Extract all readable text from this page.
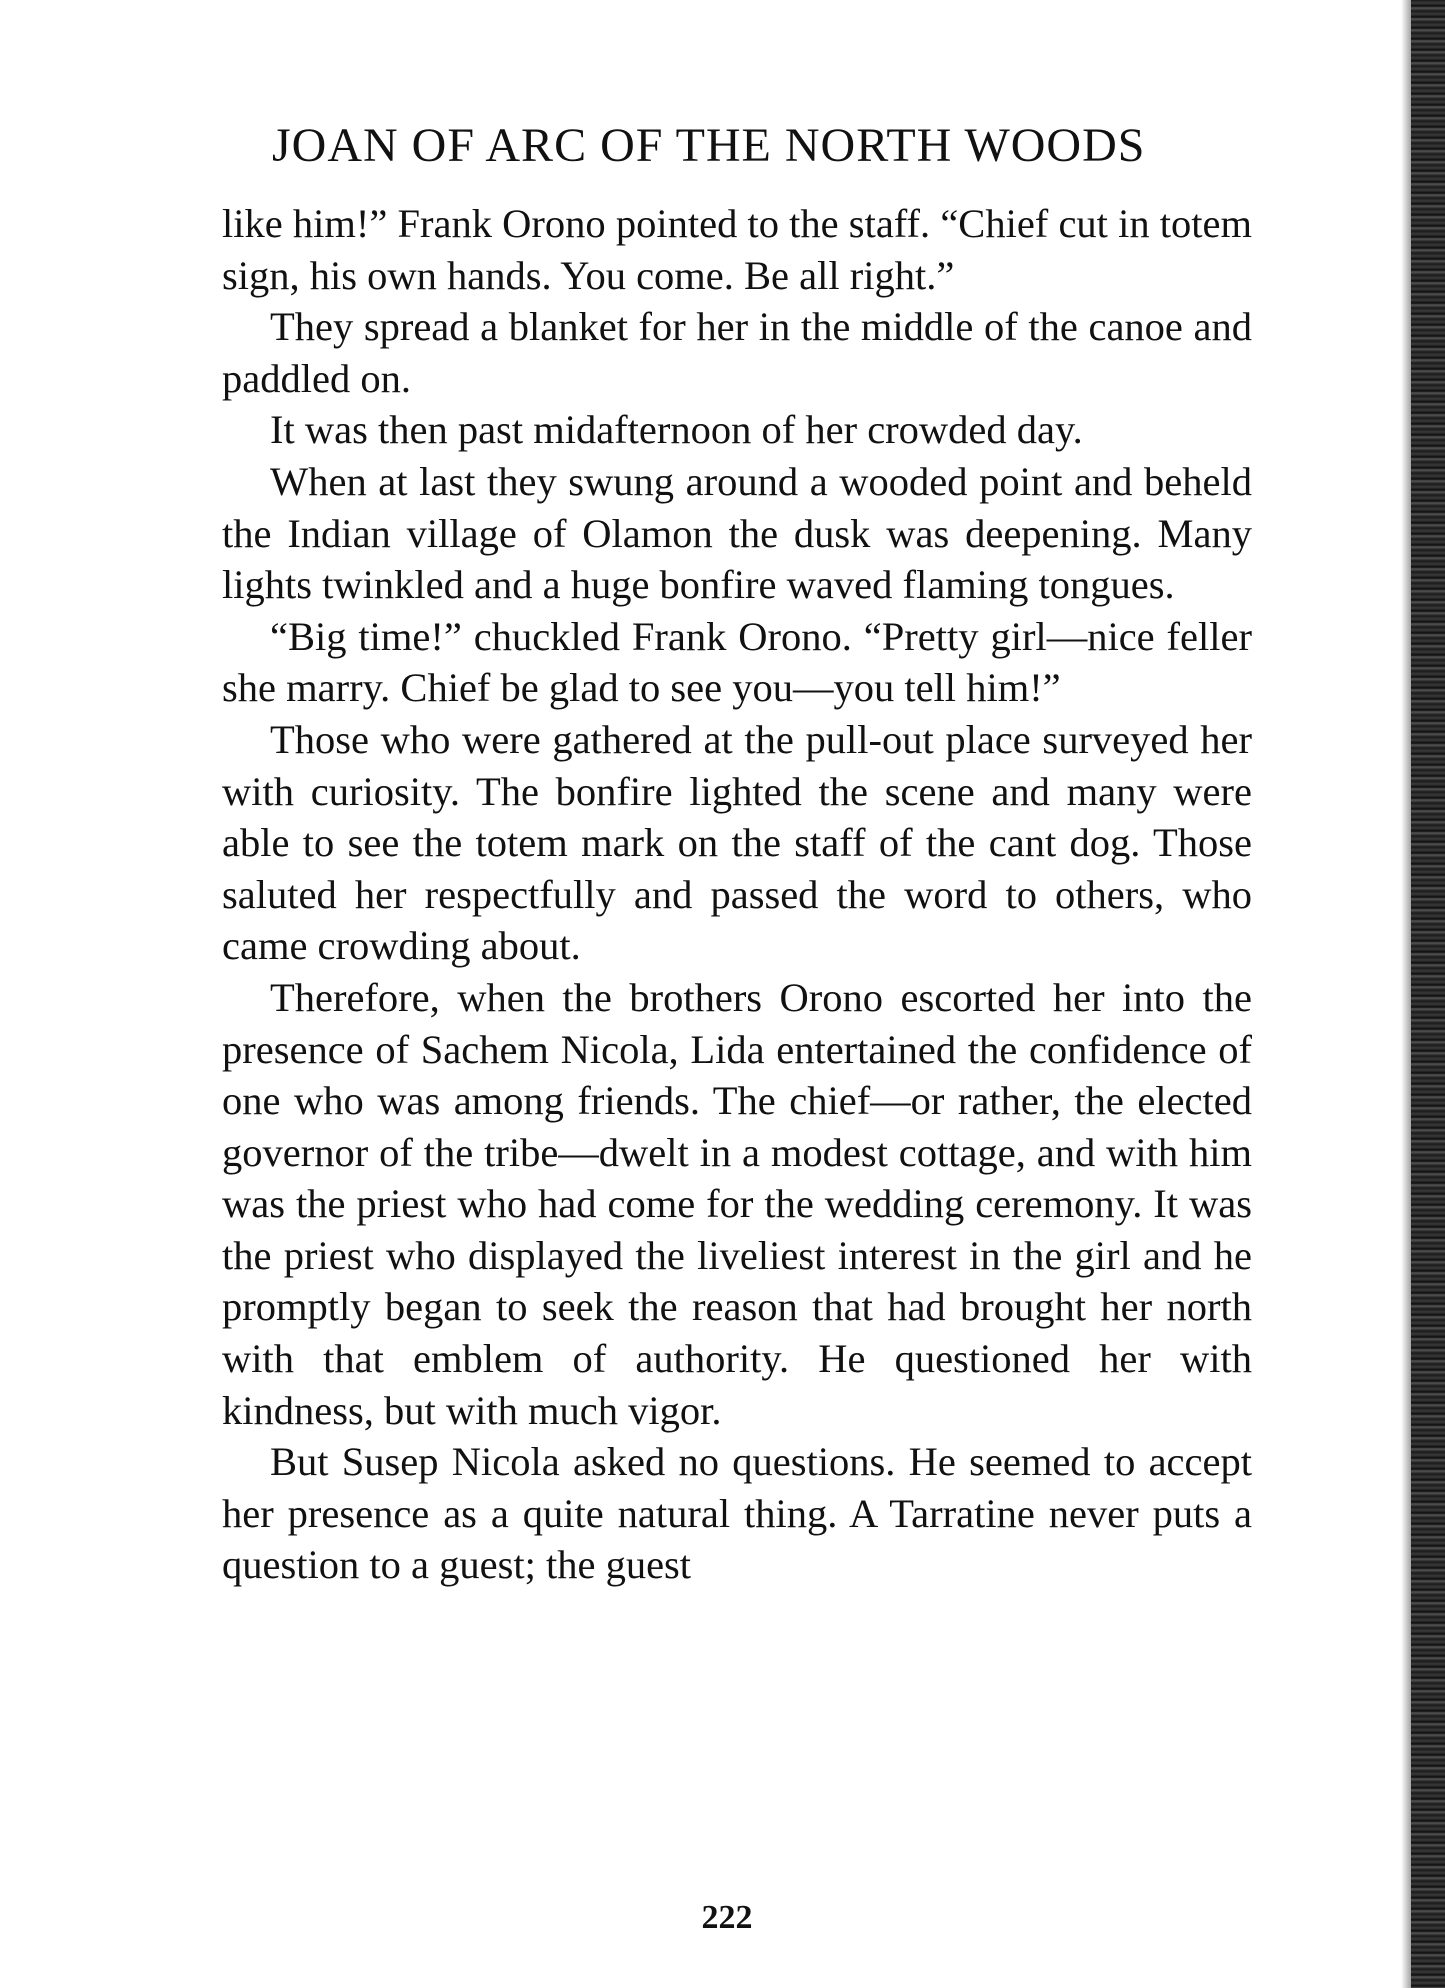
JOAN OF ARC OF THE NORTH WOODS

like him!” Frank Orono pointed to the staff. “Chief cut in totem sign, his own hands. You come. Be all right.”

They spread a blanket for her in the middle of the canoe and paddled on.

It was then past midafternoon of her crowded day.

When at last they swung around a wooded point and beheld the Indian village of Olamon the dusk was deepening. Many lights twinkled and a huge bonfire waved flaming tongues.

“Big time!” chuckled Frank Orono. “Pretty girl—nice feller she marry. Chief be glad to see you—you tell him!”

Those who were gathered at the pull-out place surveyed her with curiosity. The bonfire lighted the scene and many were able to see the totem mark on the staff of the cant dog. Those saluted her respectfully and passed the word to others, who came crowding about.

Therefore, when the brothers Orono escorted her into the presence of Sachem Nicola, Lida entertained the confidence of one who was among friends. The chief—or rather, the elected governor of the tribe—dwelt in a modest cottage, and with him was the priest who had come for the wedding ceremony. It was the priest who displayed the liveliest interest in the girl and he promptly began to seek the reason that had brought her north with that emblem of authority. He questioned her with kindness, but with much vigor.

But Susep Nicola asked no questions. He seemed to accept her presence as a quite natural thing. A Tarratine never puts a question to a guest; the guest

222
